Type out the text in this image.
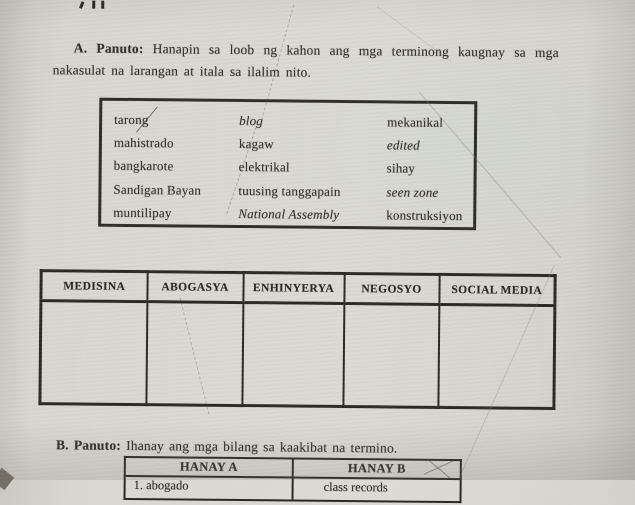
A. Panuto: Hanapin sa loob ng kahon ang mga terminong kaugnay sa mga nakasulat na larangan at itala sa ilalim nito.

tarong	blog	mekanikal
mahistrado	kagaw	edited
bangkarote	elektrikal	sihay
Sandigan Bayan	tuusing tanggapain	seen zone
muntilipay	National Assembly	konstruksiyon
MEDISINA	ABOGASYA	ENHINYERYA	NEGOSYO	SOCIAL MEDIA

B. Panuto: Ihanay ang mga bilang sa kaakibat na termino.

HANAY A	HANAY B
1. abogado	class records
